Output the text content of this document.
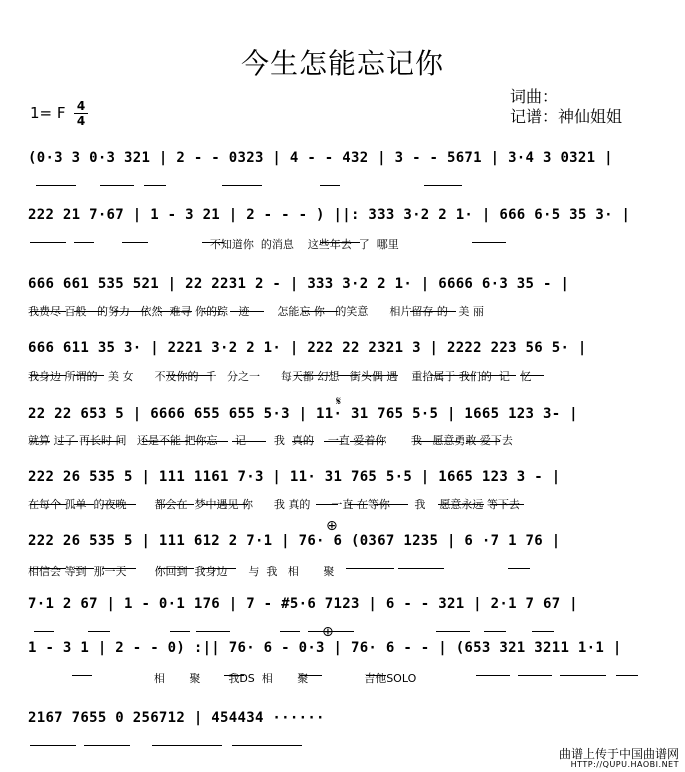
今生怎能忘记你
1= F 4
4
词曲：
记谱：神仙姐姐
(0·3 3 0·3 321 | 2 - - 0323 | 4 - - 432 | 3 - - 5671 | 3·4 3 0321 |
222 21 7·67 | 1 - 3 21 | 2 - - - ) ||: 333 3·2 2 1· | 666 6·5 35 3· |
不知道你  的消息    这些年去  了  哪里
666 661 535 521 | 22 2231 2 - | 333 3·2 2 1· | 6666 6·3 35 - |
我费尽 百般   的努力   依然  难寻 你的踪   迹        怎能忘 你   的笑意      相片留存 的   美 丽
666 611 35 3· | 2221 3·2 2 1· | 222 22 2321 3 | 2222 223 56 5· |
我身边 所谓的   美 女      不及你的  千   分之一      每天都 幻想   街头偶 遇    重拾属于 我们的  记   忆
22 22 653 5 | 6666 655 655 5·3 | 11· 31 765 5·5 | 1665 123 3- |
就算 过了 再长时 间   还是不能 把你忘     记        我  真的    一直 爱着你       我   愿意勇敢 爱下去
222 26 535 5 | 111 1161 7·3 | 11· 31 765 5·5 | 1665 123 3 - |
在每个 孤单  的夜晚        都会在  梦中遇见 你      我 真的      一直 在等你       我    愿意永远 等下去
222 26 535 5 | 111 612 2 7·1 | 76· 6 (0367 1235 | 6 ·7 1 76 |
相信会 等到  那一天        你回到  我身边      与  我   相       聚
7·1 2 67 | 1 - 0·1 176 | 7 - #5·6 7123 | 6 - - 321 | 2·1 7 67 |
1 - 3 1 | 2 - - 0) :|| 76· 6 - 0·3 | 76· 6 - - | (653 321 3211 1·1 |
相       聚        我DS  相       聚                吉他SOLO
2167 7655 0 256712 | 454434 ······
𝄋
⊕
⊕
曲谱上传于中国曲谱网
HTTP://QUPU.HAOBI.NET
